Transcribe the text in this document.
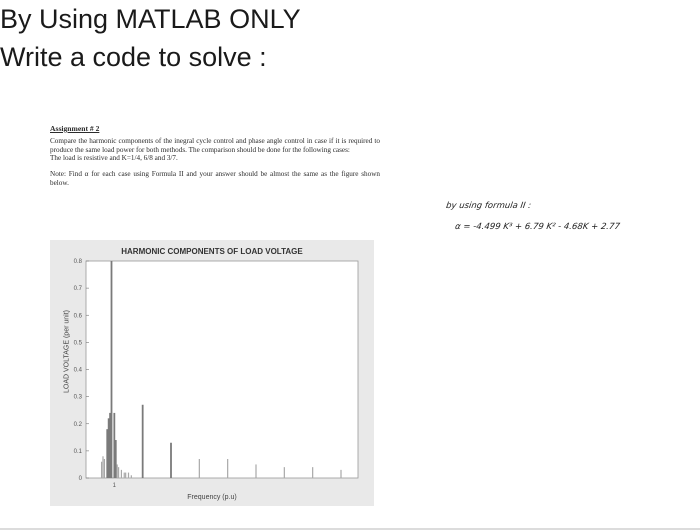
By Using MATLAB ONLY
Write a code to solve :
Assignment # 2
Compare the harmonic components of the inegral cycle control and phase angle control in case if it is required to produce the same load power for both methods. The comparison should be done for the following cases:
The load is resistive and K=1/4, 6/8 and 3/7.
Note: Find α for each case using Formula II and your answer should be almost the same as the figure shown below.
by using formula II :
α = -4.499 K³ + 6.79 K² - 4.68K + 2.77
0
0.1
0.2
0.3
0.4
0.5
0.6
0.7
0.8
1
HARMONIC COMPONENTS OF LOAD VOLTAGE
LOAD VOLTAGE (per unit)
Frequency (p.u)
